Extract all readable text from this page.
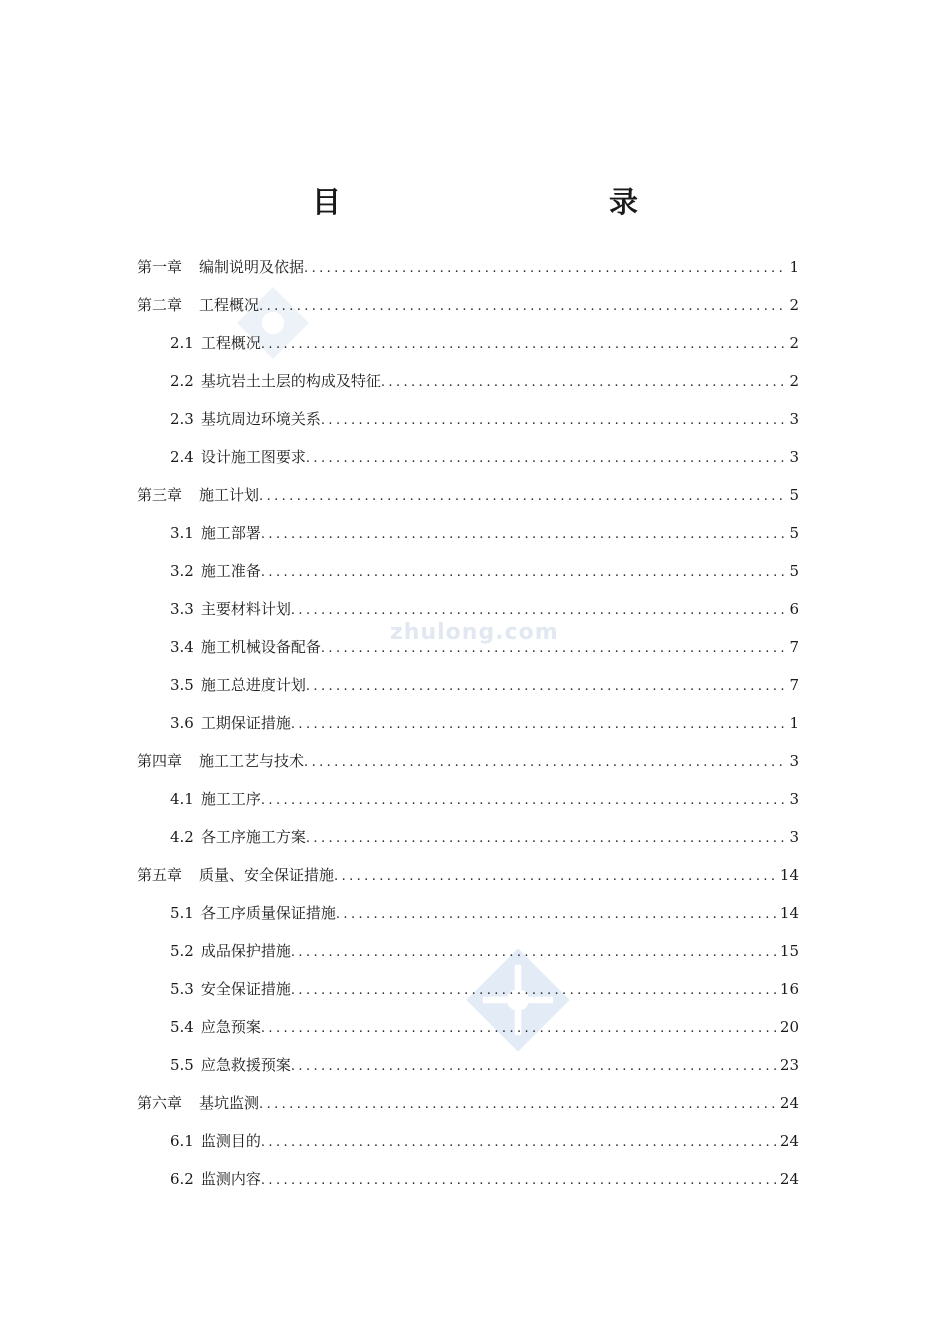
目　　录
zhulong.com
第一章 编制说明及依据 .....	1
第二章 工程概况 .....	2
2.1 工程概况 .....	2
2.2 基坑岩土土层的构成及特征 .....	2
2.3 基坑周边环境关系 .....	3
2.4 设计施工图要求 .....	3
第三章 施工计划 .....	5
3.1 施工部署 .....	5
3.2 施工准备 .....	5
3.3 主要材料计划 .....	6
3.4 施工机械设备配备 .....	7
3.5 施工总进度计划 .....	7
3.6 工期保证措施 .....	1
第四章 施工工艺与技术 .....	3
4.1 施工工序 .....	3
4.2 各工序施工方案 .....	3
第五章 质量、安全保证措施 .....	14
5.1 各工序质量保证措施 .....	14
5.2 成品保护措施 .....	15
5.3 安全保证措施 .....	16
5.4 应急预案 .....	20
5.5 应急救援预案 .....	23
第六章 基坑监测 .....	24
6.1 监测目的 .....	24
6.2 监测内容 .....	24
